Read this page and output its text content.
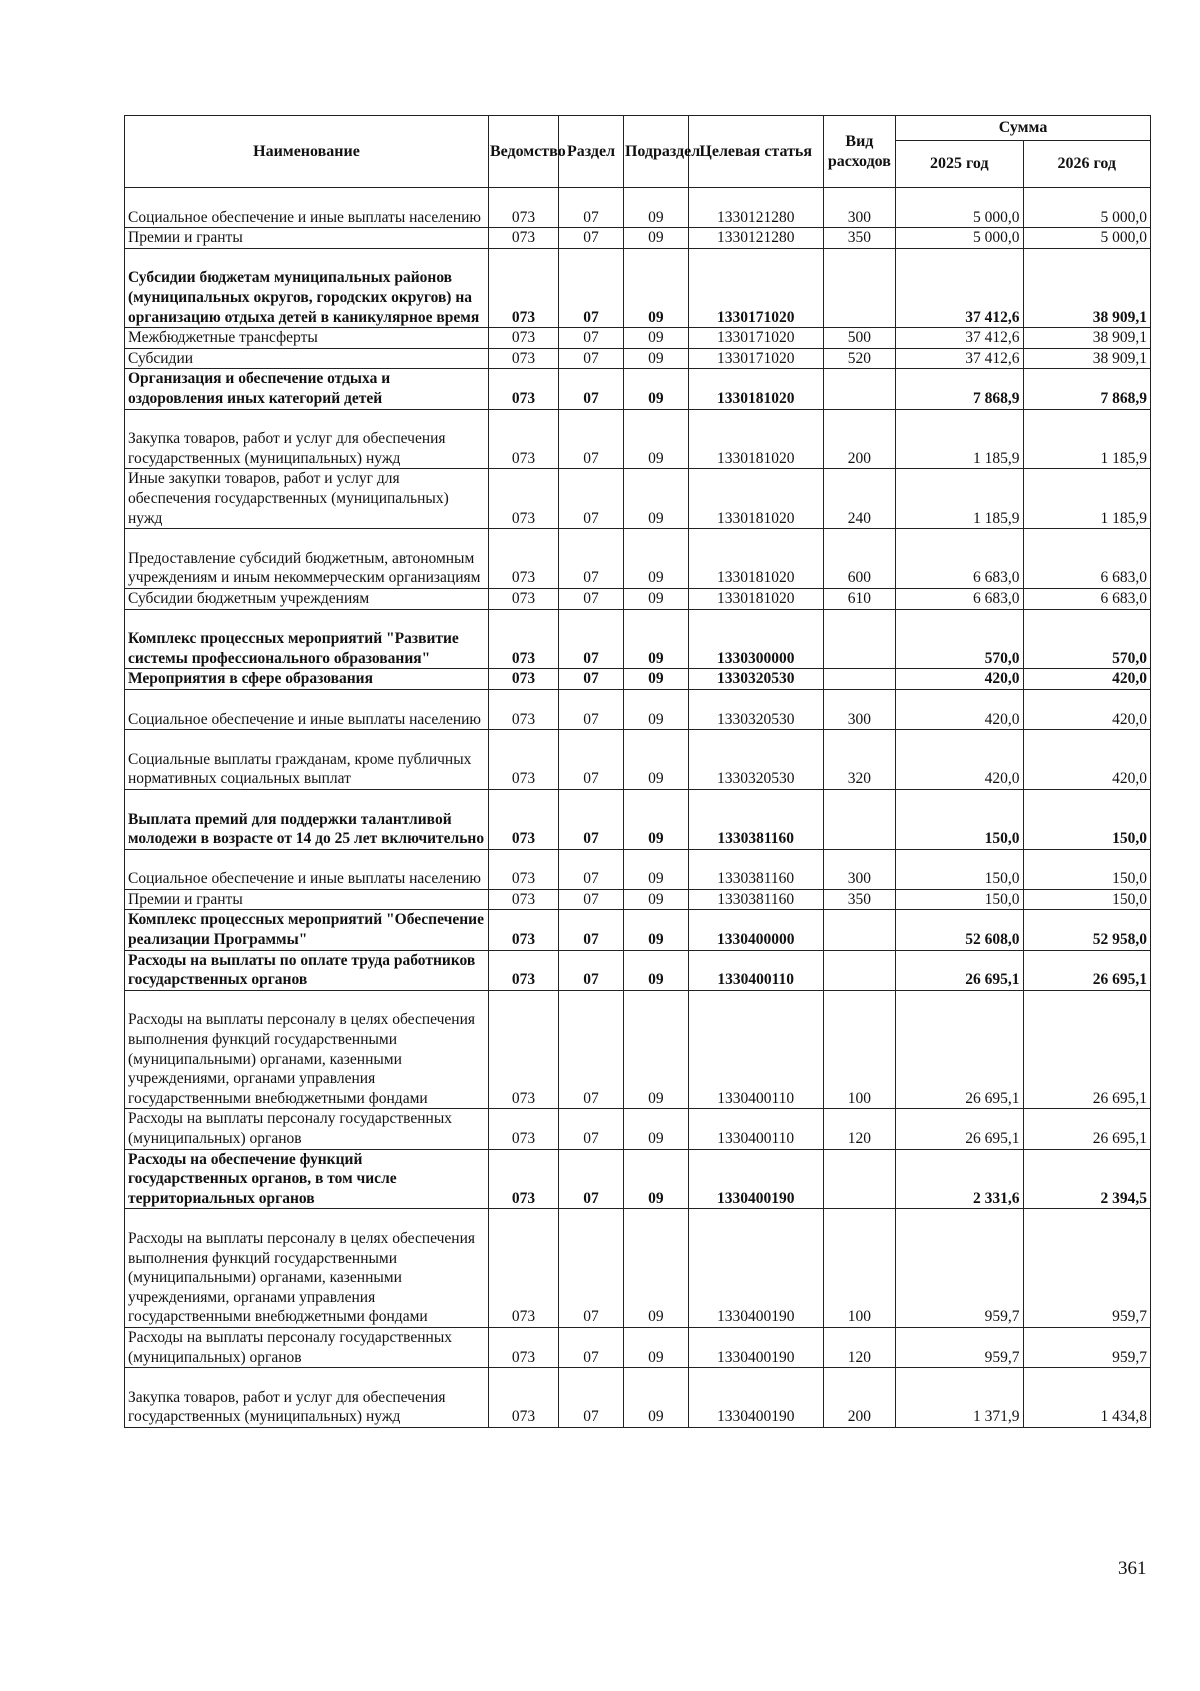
Наименование	Ведомство	Раздел	Подраздел	Целевая статья	Вид расходов	Сумма	
						2025 год	2026 год
Социальное обеспечение и иные выплаты населению	073	07	09	1330121280	300	5 000,0	5 000,0
Премии и гранты	073	07	09	1330121280	350	5 000,0	5 000,0
Субсидии бюджетам муниципальных районов (муниципальных округов, городских округов) на организацию отдыха детей в каникулярное время	073	07	09	1330171020		37 412,6	38 909,1
Межбюджетные трансферты	073	07	09	1330171020	500	37 412,6	38 909,1
Субсидии	073	07	09	1330171020	520	37 412,6	38 909,1
Организация и обеспечение отдыха и оздоровления иных категорий детей	073	07	09	1330181020		7 868,9	7 868,9
Закупка товаров, работ и услуг для обеспечения государственных (муниципальных) нужд	073	07	09	1330181020	200	1 185,9	1 185,9
Иные закупки товаров, работ и услуг для обеспечения государственных (муниципальных) нужд	073	07	09	1330181020	240	1 185,9	1 185,9
Предоставление субсидий бюджетным, автономным учреждениям и иным некоммерческим организациям	073	07	09	1330181020	600	6 683,0	6 683,0
Субсидии бюджетным учреждениям	073	07	09	1330181020	610	6 683,0	6 683,0
Комплекс процессных мероприятий "Развитие системы профессионального образования"	073	07	09	1330300000		570,0	570,0
Мероприятия в сфере образования	073	07	09	1330320530		420,0	420,0
Социальное обеспечение и иные выплаты населению	073	07	09	1330320530	300	420,0	420,0
Социальные выплаты гражданам, кроме публичных нормативных социальных выплат	073	07	09	1330320530	320	420,0	420,0
Выплата премий для поддержки талантливой молодежи в возрасте от 14 до 25 лет включительно	073	07	09	1330381160		150,0	150,0
Социальное обеспечение и иные выплаты населению	073	07	09	1330381160	300	150,0	150,0
Премии и гранты	073	07	09	1330381160	350	150,0	150,0
Комплекс процессных мероприятий "Обеспечение реализации Программы"	073	07	09	1330400000		52 608,0	52 958,0
Расходы на выплаты по оплате труда работников государственных органов	073	07	09	1330400110		26 695,1	26 695,1
Расходы на выплаты персоналу в целях обеспечения выполнения функций государственными (муниципальными) органами, казенными учреждениями, органами управления государственными внебюджетными фондами	073	07	09	1330400110	100	26 695,1	26 695,1
Расходы на выплаты персоналу государственных (муниципальных) органов	073	07	09	1330400110	120	26 695,1	26 695,1
Расходы на обеспечение функций государственных органов, в том числе территориальных органов	073	07	09	1330400190		2 331,6	2 394,5
Расходы на выплаты персоналу в целях обеспечения выполнения функций государственными (муниципальными) органами, казенными учреждениями, органами управления государственными внебюджетными фондами	073	07	09	1330400190	100	959,7	959,7
Расходы на выплаты персоналу государственных (муниципальных) органов	073	07	09	1330400190	120	959,7	959,7
Закупка товаров, работ и услуг для обеспечения государственных (муниципальных) нужд	073	07	09	1330400190	200	1 371,9	1 434,8
361
